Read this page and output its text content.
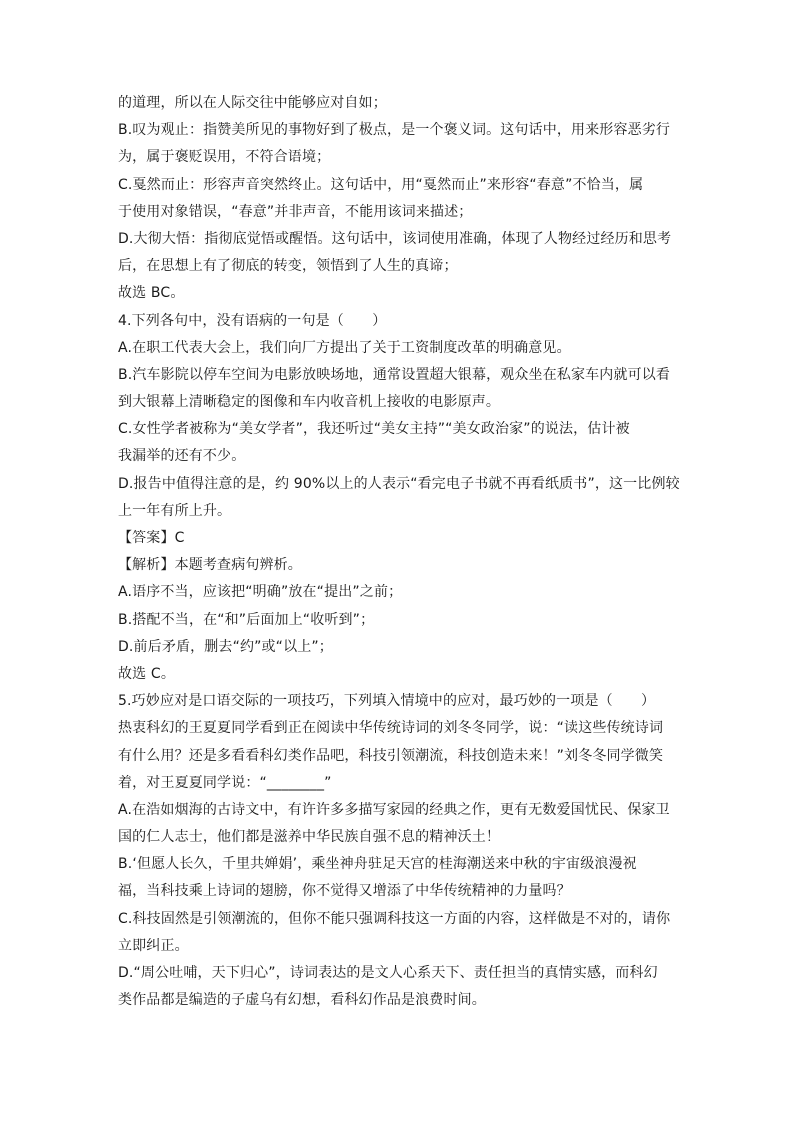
的道理，所以在人际交往中能够应对自如；
B.叹为观止：指赞美所见的事物好到了极点，是一个褒义词。这句话中，用来形容恶劣行
为，属于褒贬误用，不符合语境；
C.戛然而止：形容声音突然终止。这句话中，用“戛然而止”来形容“春意”不恰当，属
于使用对象错误，“春意”并非声音，不能用该词来描述；
D.大彻大悟：指彻底觉悟或醒悟。这句话中，该词使用准确，体现了人物经过经历和思考
后，在思想上有了彻底的转变，领悟到了人生的真谛；
故选 BC。
4.下列各句中，没有语病的一句是（　　）
A.在职工代表大会上，我们向厂方提出了关于工资制度改革的明确意见。
B.汽车影院以停车空间为电影放映场地，通常设置超大银幕，观众坐在私家车内就可以看
到大银幕上清晰稳定的图像和车内收音机上接收的电影原声。
C.女性学者被称为“美女学者”，我还听过“美女主持”“美女政治家”的说法，估计被
我漏举的还有不少。
D.报告中值得注意的是，约 90%以上的人表示“看完电子书就不再看纸质书”，这一比例较
上一年有所上升。
【答案】C
【解析】本题考查病句辨析。
A.语序不当，应该把“明确”放在“提出”之前；
B.搭配不当，在“和”后面加上“收听到”；
D.前后矛盾，删去“约”或“以上”；
故选 C。
5.巧妙应对是口语交际的一项技巧，下列填入情境中的应对，最巧妙的一项是（　　）
热衷科幻的王夏夏同学看到正在阅读中华传统诗词的刘冬冬同学，说：“读这些传统诗词
有什么用？还是多看看科幻类作品吧，科技引领潮流，科技创造未来！”刘冬冬同学微笑
着，对王夏夏同学说：“________”
A.在浩如烟海的古诗文中，有许许多多描写家园的经典之作，更有无数爱国忧民、保家卫
国的仁人志士，他们都是滋养中华民族自强不息的精神沃土！
B.‘但愿人长久，千里共婵娟’，乘坐神舟驻足天宫的桂海潮送来中秋的宇宙级浪漫祝
福，当科技乘上诗词的翅膀，你不觉得又增添了中华传统精神的力量吗？
C.科技固然是引领潮流的，但你不能只强调科技这一方面的内容，这样做是不对的，请你
立即纠正。
D.“周公吐哺，天下归心”，诗词表达的是文人心系天下、责任担当的真情实感，而科幻
类作品都是编造的子虚乌有幻想，看科幻作品是浪费时间。
